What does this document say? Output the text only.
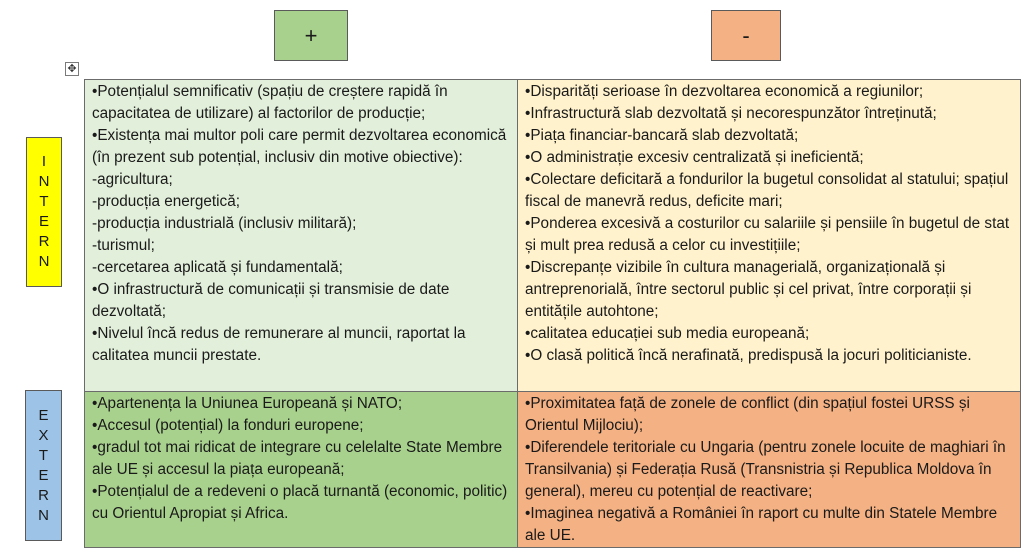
+	-
✥
I
N
T
E
R
N
E
X
T
E
R
N
•Potențialul semnificativ (spațiu de creștere rapidă în capacitatea de utilizare) al factorilor de producție;
•Existența mai multor poli care permit dezvoltarea economică (în prezent sub potențial, inclusiv din motive obiective):
-agricultura;
-producția energetică;
-producția industrială (inclusiv militară);
-turismul;
-cercetarea aplicată și fundamentală;
•O infrastructură de comunicații și transmisie de date dezvoltată;
•Nivelul încă redus de remunerare al muncii, raportat la calitatea muncii prestate.
•Disparități serioase în dezvoltarea economică a regiunilor;
•Infrastructură slab dezvoltată și necorespunzător întreținută;
•Piața financiar-bancară slab dezvoltată;
•O administrație excesiv centralizată și ineficientă;
•Colectare deficitară a fondurilor la bugetul consolidat al statului; spațiul fiscal de manevră redus, deficite mari;
•Ponderea excesivă a costurilor cu salariile și pensiile în bugetul de stat și mult prea redusă a celor cu investițiile;
•Discrepanțe vizibile în cultura managerială, organizațională și antreprenorială, între sectorul public și cel privat, între corporații și entitățile autohtone;
•calitatea educației sub media europeană;
•O clasă politică încă nerafinată, predispusă la jocuri politicianiste.
•Apartenența la Uniunea Europeană și NATO;
•Accesul (potențial) la fonduri europene;
•gradul tot mai ridicat de integrare cu celelalte State Membre ale UE și accesul la piața europeană;
•Potențialul de a redeveni o placă turnantă (economic, politic) cu Orientul Apropiat și Africa.
•Proximitatea față de zonele de conflict (din spațiul fostei URSS și Orientul Mijlociu);
•Diferendele teritoriale cu Ungaria (pentru zonele locuite de maghiari în Transilvania) și Federația Rusă (Transnistria și Republica Moldova în general), mereu cu potențial de reactivare;
•Imaginea negativă a României în raport cu multe din Statele Membre ale UE.
